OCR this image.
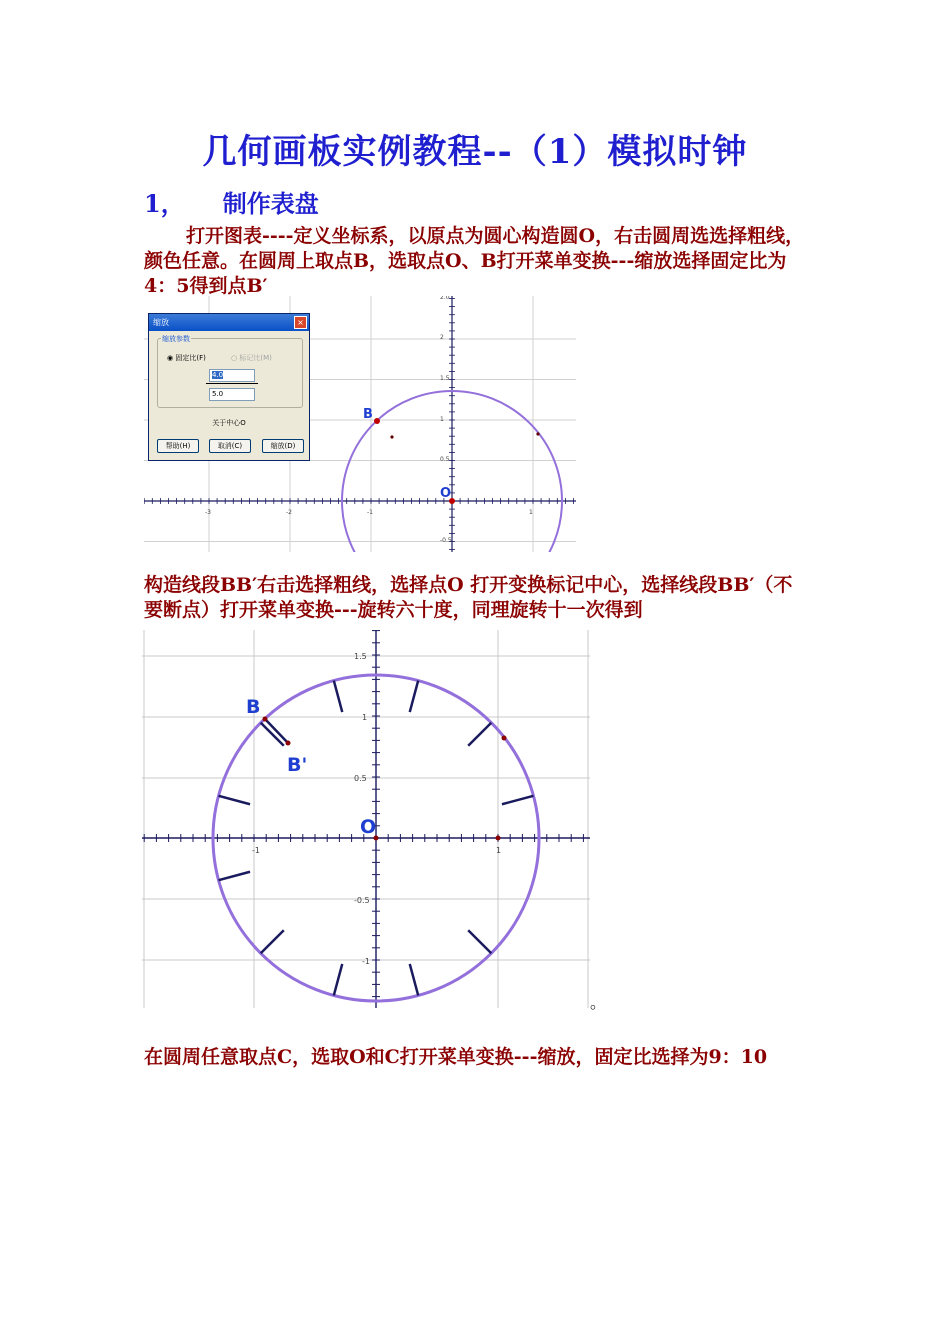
几何画板实例教程--（1）模拟时钟
1， 制作表盘
打开图表----定义坐标系，以原点为圆心构造圆O，右击圆周选选择粗线，颜色任意。在圆周上取点B，选取点O、B打开菜单变换---缩放选择固定比为4：5得到点B′
-3	-2	-1	1
2.0
2
1.5
1
0.5
-0.5
B
O
缩放	×
缩放参数
◉ 固定比(F)	○ 标记比(M)
4.0
5.0
关于中心O
帮助(H)	取消(C)	缩放(D)
构造线段BB′右击选择粗线，选择点O 打开变换标记中心，选择线段BB′（不要断点）打开菜单变换---旋转六十度，同理旋转十一次得到
-1	1
1.5
1
0.5
-0.5
-1
B
B'
O
。
在圆周任意取点C，选取O和C打开菜单变换---缩放，固定比选择为9：10
